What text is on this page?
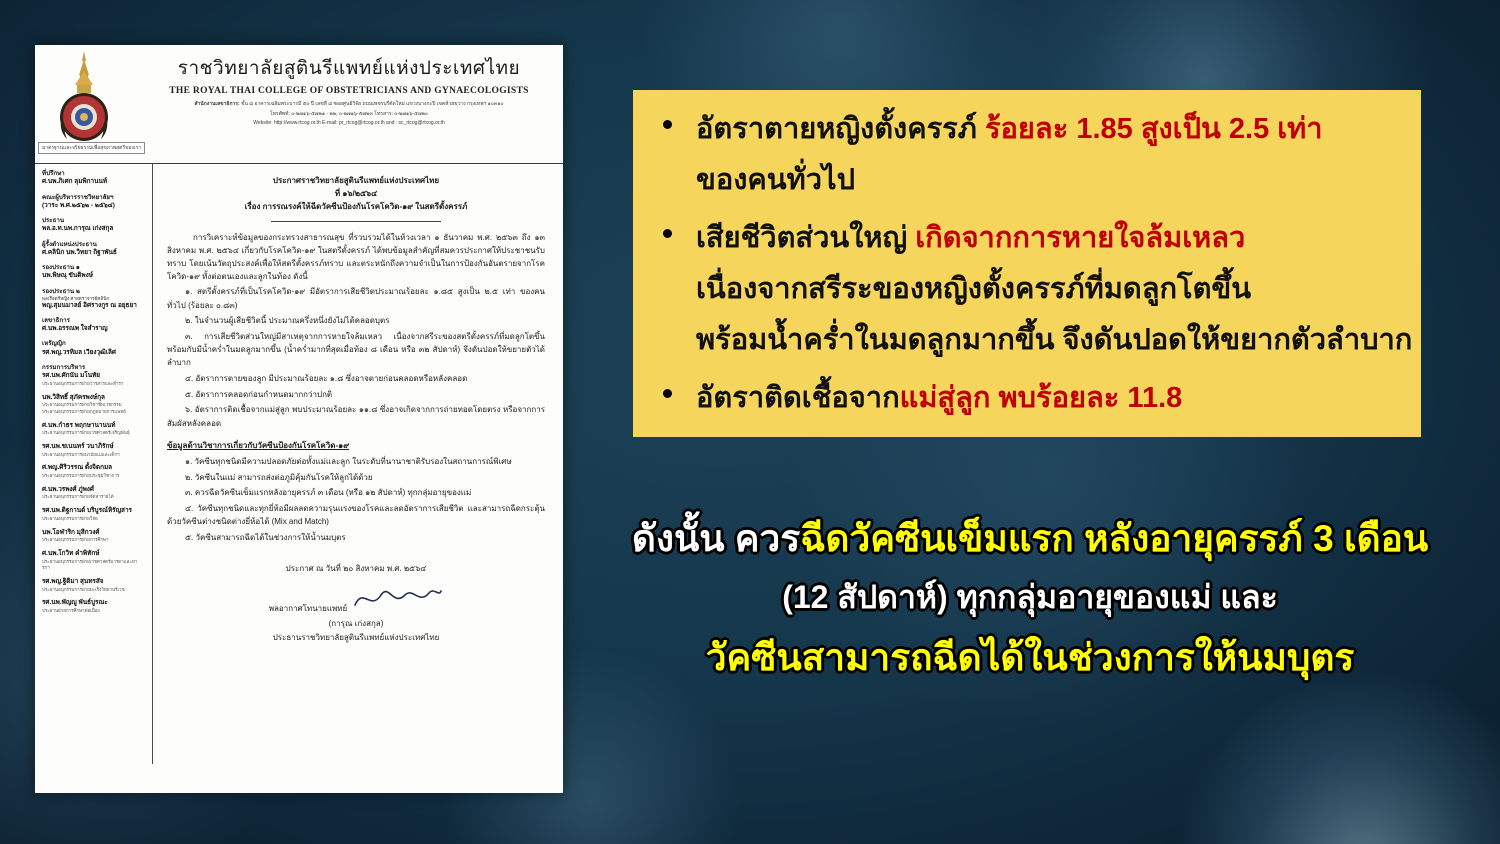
ราชวิทยาลัยสูตินรีแพทย์แห่งประเทศไทย
THE ROYAL THAI COLLEGE OF OBSTETRICIANS AND GYNAECOLOGISTS
สำนักงานเลขาธิการ: ชั้น ๘ อาคารเฉลิมพระบารมี ๕๐ ปี เลขที่ ๘ ซอยศูนย์วิจัย ถนนเพชรบุรีตัดใหม่ แขวงบางกะปิ เขตห้วยขวาง กรุงเทพฯ ๑๐๓๑๐
โทรศัพท์: ๐-๒๗๑๖-๕๗๒๑ - ๒๒, ๐-๒๗๑๖-๕๗๒๓ โทรสาร: ๐-๒๗๑๖-๕๗๒๐
Website: http://www.rtcog.or.th E-mail: pr_rtcog@rtcog.or.th and : sc_rtcog@rtcog.or.th
มาตรฐานและจริยธรรมเพื่อสุขภาพสตรีของเรา
ที่ปรึกษา
ศ.นพ.ภิเศก ลุมพิกานนท์
คณะผู้บริหารราชวิทยาลัยฯ
(วาระ พ.ศ.๒๕๖๒ - ๒๕๖๔)
ประธาน
พล.อ.ท.นพ.การุณ เก่งสกุล
ผู้รั้งตำแหน่งประธาน
ศ.คลินิก นพ.วิทยา ถิฐาพันธ์
รองประธาน ๑
นพ.พิษณุ ขันติพงษ์
รองประธาน ๒
พลเรือตรีหญิง ศาสตราจารย์คลินิก
พญ.สุมนมาลย์ อิศรางกูร ณ อยุธยา
เลขาธิการ
ศ.นพ.อรรณพ ใจสำราญ
เหรัญญิก
รศ.พญ.วรทิมล เวียงวุฒิเลิศ
กรรมการบริหาร
รศ.นพ.ศักนัน มโนทัย
ประธานอนุกรรมการฝ่ายวารสารและตำรา
นพ.วิสิทธิ์ สุภัครพงษ์กุล
ประธานอนุกรรมการฝ่ายวิชาชีพเวชกรรม
ประธานอนุกรรมการฝ่ายกฎหมายการแพทย์
ศ.นพ.กำธร พฤกษานานนท์
ประธานอนุกรรมการฝ่ายเวชศาสตร์เจริญพันธุ์
รศ.นพ.ชเนนทร์ วนาภิรักษ์
ประธานอนุกรรมการอนามัยแม่และเด็กฯ
ศ.พญ.ศิริวรรณ ตั้งจิตกมล
ประธานอนุกรรมการฝ่ายประชุมวิชาการ
ศ.นพ.วรพงศ์ ภู่พงศ์
ประธานอนุกรรมการฝ่ายจัดหารายได้
รศ.นพ.ดิฐกานต์ บริบูรณ์หิรัญสาร
ประธานอนุกรรมการฝ่ายวิจัย
นพ.โอฬาริก มุสิกวงศ์
ประธานอนุกรรมการฝ่ายการศึกษา
ศ.นพ.โกวิท คำพิทักษ์
ประธานอนุกรรมการฝ่ายเวชศาสตร์มารดาและทารกฯ
รศ.พญ.ฐิติมา สุนทรสัจ
ประธานอนุกรรมการฝ่ายมะเร็งวิทยานรีเวช
รศ.นพ.พัญญู พันธ์บูรณะ
ประธานฝ่ายการศึกษาต่อเนื่อง
ประกาศราชวิทยาลัยสูตินรีแพทย์แห่งประเทศไทย
ที่ ๑๖/๒๕๖๔
เรื่อง การรณรงค์ให้ฉีดวัคซีนป้องกันโรคโควิด-๑๙ ในสตรีตั้งครรภ์

การวิเคราะห์ข้อมูลของกระทรวงสาธารณสุข ที่รวบรวมได้ในห้วงเวลา ๑ ธันวาคม พ.ศ. ๒๕๖๓ ถึง ๑๓ สิงหาคม พ.ศ. ๒๕๖๔ เกี่ยวกับโรคโควิด-๑๙ ในสตรีตั้งครรภ์ ได้พบข้อมูลสำคัญที่สมควรประกาศให้ประชาชนรับทราบ โดยเน้นวัตถุประสงค์เพื่อให้สตรีตั้งครรภ์ทราบ และตระหนักถึงความจำเป็นในการป้องกันอันตรายจากโรคโควิด-๑๙ ทั้งต่อตนเองและลูกในท้อง ดังนี้

๑. สตรีตั้งครรภ์ที่เป็นโรคโควิด-๑๙ มีอัตราการเสียชีวิตประมาณร้อยละ ๑.๘๕ สูงเป็น ๒.๕ เท่า ของคนทั่วไป (ร้อยละ ๐.๘๓)

๒. ในจำนวนผู้เสียชีวิตนี้ ประมาณครึ่งหนึ่งยังไม่ได้คลอดบุตร

๓. การเสียชีวิตส่วนใหญ่มีสาเหตุจากการหายใจล้มเหลว เนื่องจากสรีระของสตรีตั้งครรภ์ที่มดลูกโตขึ้น พร้อมกับมีน้ำคร่ำในมดลูกมากขึ้น (น้ำคร่ำมากที่สุดเมื่อท้อง ๘ เดือน หรือ ๓๒ สัปดาห์) จึงดันปอดให้ขยายตัวได้ลำบาก

๔. อัตราการตายของลูก มีประมาณร้อยละ ๑.๘ ซึ่งอาจตายก่อนคลอดหรือหลังคลอด

๕. อัตราการคลอดก่อนกำหนดมากกว่าปกติ

๖. อัตราการติดเชื้อจากแม่สู่ลูก พบประมาณร้อยละ ๑๑.๘ ซึ่งอาจเกิดจากการถ่ายทอดโดยตรง หรือจากการสัมผัสหลังคลอด

ข้อมูลด้านวิชาการเกี่ยวกับวัคซีนป้องกันโรคโควิด-๑๙

๑. วัคซีนทุกชนิดมีความปลอดภัยต่อทั้งแม่และลูก ในระดับที่นานาชาติรับรองในสถานการณ์พิเศษ

๒. วัคซีนในแม่ สามารถส่งต่อภูมิคุ้มกันโรคให้ลูกได้ด้วย

๓. ควรฉีดวัคซีนเข็มแรกหลังอายุครรภ์ ๓ เดือน (หรือ ๑๒ สัปดาห์) ทุกกลุ่มอายุของแม่

๔. วัคซีนทุกชนิดและทุกยี่ห้อมีผลลดความรุนแรงของโรคและลดอัตราการเสียชีวิต และสามารถฉีดกระตุ้นด้วยวัคซีนต่างชนิดต่างยี่ห้อได้ (Mix and Match)

๕. วัคซีนสามารถฉีดได้ในช่วงการให้น้ำนมบุตร

ประกาศ ณ วันที่ ๒๐ สิงหาคม พ.ศ. ๒๕๖๔
พลอากาศโทนายแพทย์
(การุณ เก่งสกุล)
ประธานราชวิทยาลัยสูตินรีแพทย์แห่งประเทศไทย
อัตราตายหญิงตั้งครรภ์ ร้อยละ 1.85 สูงเป็น 2.5 เท่า
ของคนทั่วไป
เสียชีวิตส่วนใหญ่ เกิดจากการหายใจล้มเหลว
เนื่องจากสรีระของหญิงตั้งครรภ์ที่มดลูกโตขึ้น
พร้อมน้ำคร่ำในมดลูกมากขึ้น จึงดันปอดให้ขยากตัวลำบาก
อัตราติดเชื้อจากแม่สู่ลูก พบร้อยละ 11.8
ดังนั้น ควรฉีดวัคซีนเข็มแรก หลังอายุครรภ์ 3 เดือน
(12 สัปดาห์) ทุกกลุ่มอายุของแม่ และ
วัคซีนสามารถฉีดได้ในช่วงการให้นมบุตร
